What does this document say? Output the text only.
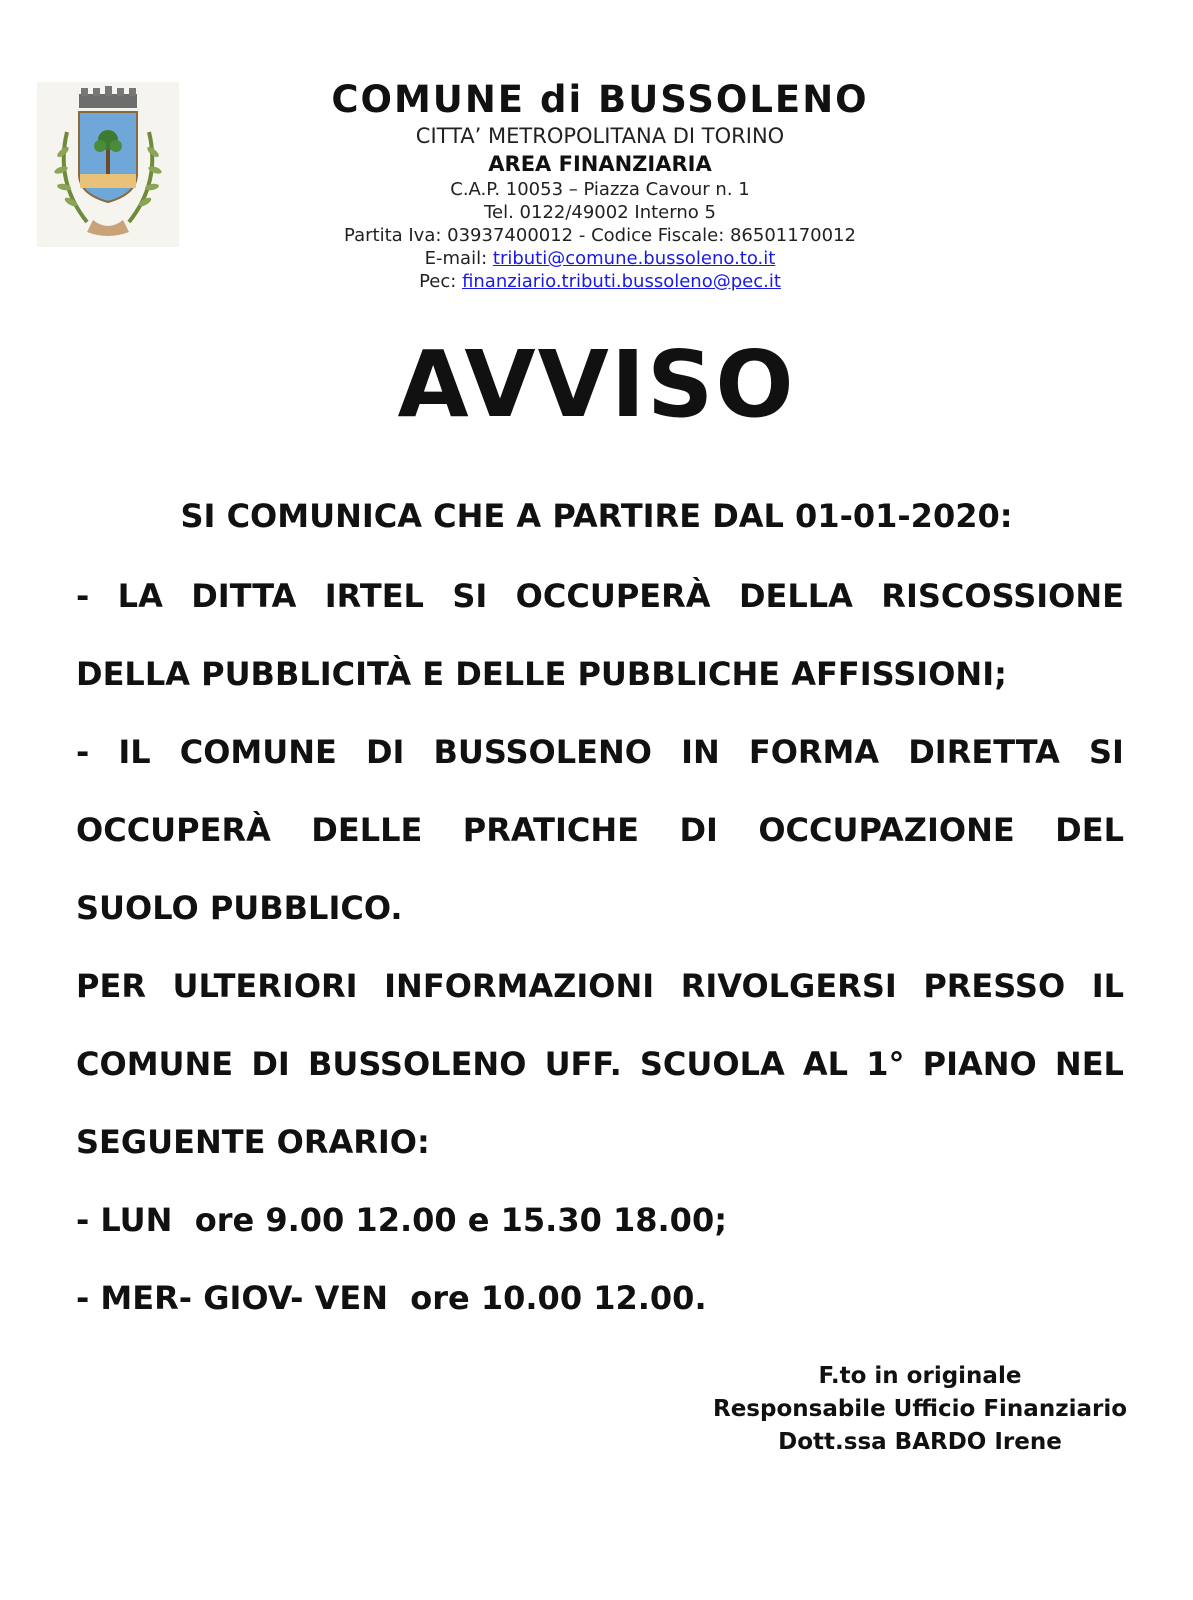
COMUNE di BUSSOLENO
CITTA’ METROPOLITANA DI TORINO
AREA FINANZIARIA
C.A.P. 10053 – Piazza Cavour n. 1
Tel. 0122/49002 Interno 5
Partita Iva: 03937400012 - Codice Fiscale: 86501170012
E-mail: tributi@comune.bussoleno.to.it
Pec: finanziario.tributi.bussoleno@pec.it
AVVISO
SI COMUNICA CHE A PARTIRE DAL 01-01-2020:
- LA DITTA IRTEL SI OCCUPERÀ DELLA RISCOSSIONE
DELLA PUBBLICITÀ E DELLE PUBBLICHE AFFISSIONI;
- IL COMUNE DI BUSSOLENO IN FORMA DIRETTA SI
OCCUPERÀ DELLE PRATICHE DI OCCUPAZIONE DEL
SUOLO PUBBLICO.
PER ULTERIORI INFORMAZIONI RIVOLGERSI PRESSO IL
COMUNE DI BUSSOLENO UFF. SCUOLA AL 1° PIANO NEL
SEGUENTE ORARIO:
- LUN  ore 9.00 12.00 e 15.30 18.00;
- MER- GIOV- VEN  ore 10.00 12.00.
F.to in originale
Responsabile Ufficio Finanziario
Dott.ssa BARDO Irene
